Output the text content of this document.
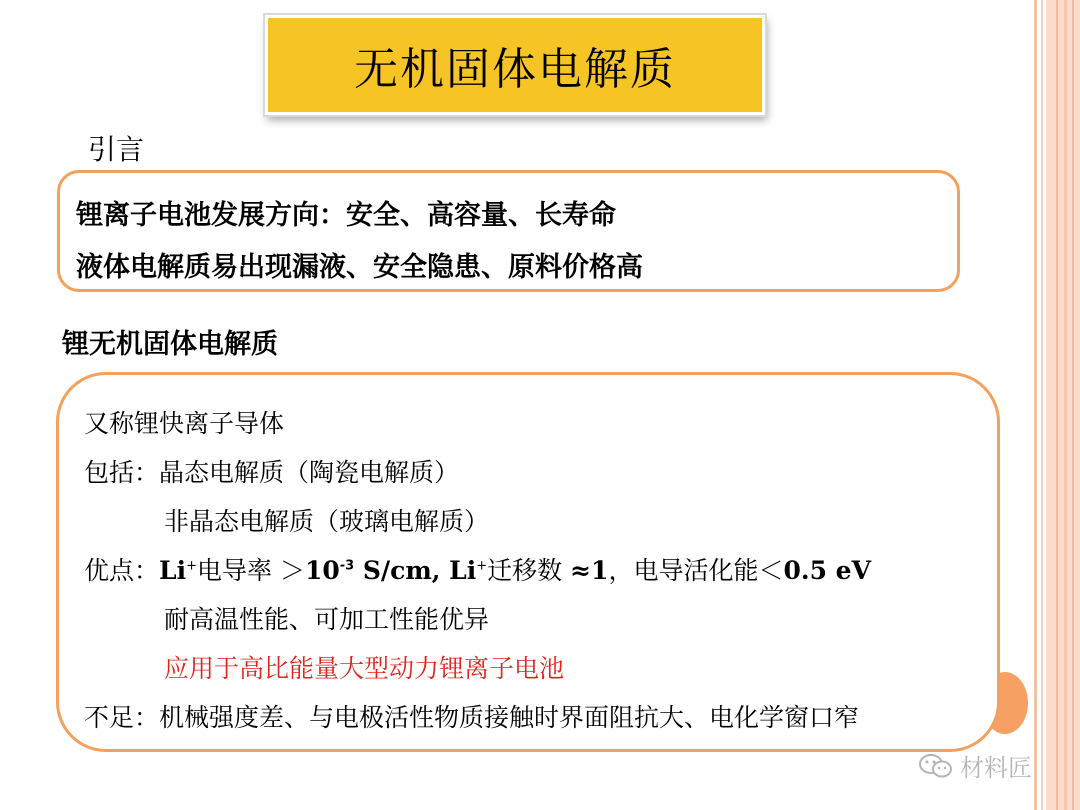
无机固体电解质
引言
锂离子电池发展方向：安全、高容量、长寿命
液体电解质易出现漏液、安全隐患、原料价格高
锂无机固体电解质
又称锂快离子导体
包括：晶态电解质（陶瓷电解质）
非晶态电解质（玻璃电解质）
优点：Li+电导率 $>10^{-3}$ S/cm, Li+迁移数 ≈1，电导活化能＜0.5 eV
耐高温性能、可加工性能优异
应用于高比能量大型动力锂离子电池
不足：机械强度差、与电极活性物质接触时界面阻抗大、电化学窗口窄
材料匠
